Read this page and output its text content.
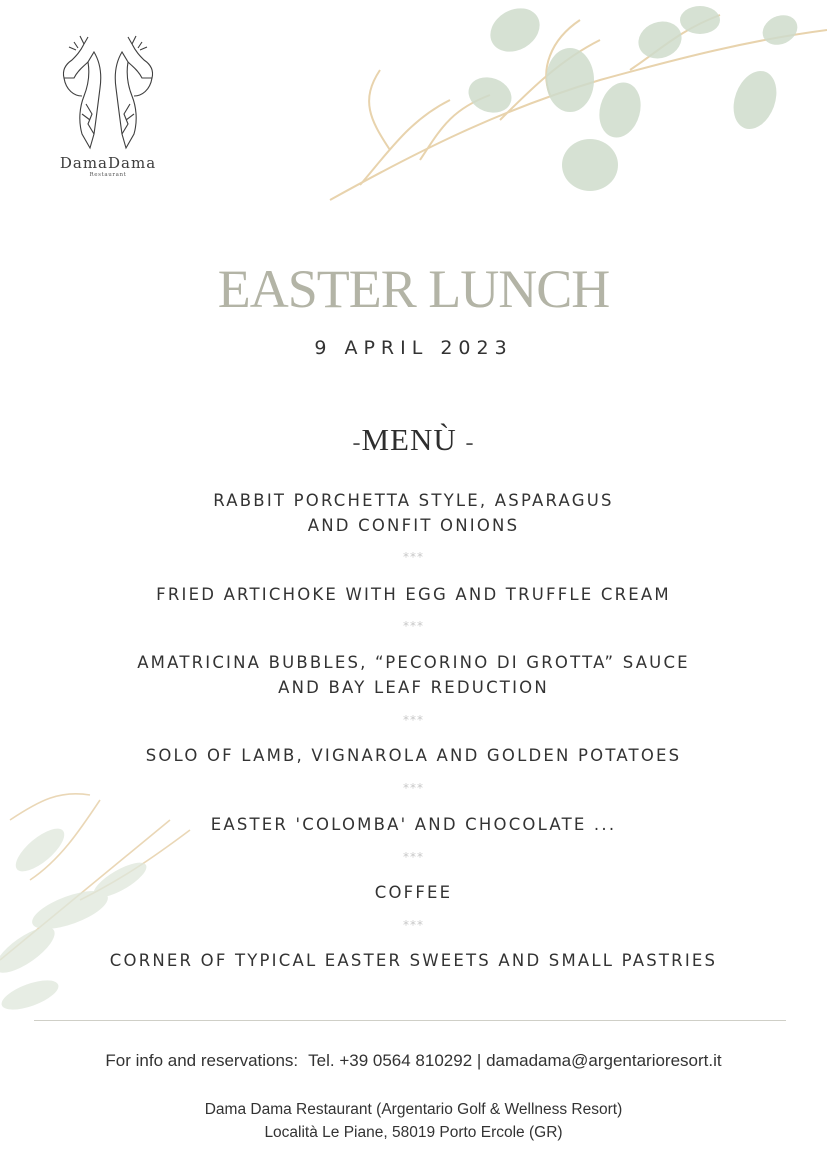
DamaDama
Restaurant
EASTER LUNCH
9 APRIL 2023
-MENÙ -
RABBIT PORCHETTA STYLE, ASPARAGUS
AND CONFIT ONIONS
***
FRIED ARTICHOKE WITH EGG AND TRUFFLE CREAM
***
AMATRICINA BUBBLES, “PECORINO DI GROTTA” SAUCE
AND BAY LEAF REDUCTION
***
SOLO OF LAMB, VIGNAROLA AND GOLDEN POTATOES
***
EASTER 'COLOMBA' AND CHOCOLATE ...
***
COFFEE
***
CORNER OF TYPICAL EASTER SWEETS AND SMALL PASTRIES
For info and reservations: Tel. +39 0564 810292 | damadama@argentarioresort.it
Dama Dama Restaurant (Argentario Golf & Wellness Resort)
Località Le Piane, 58019 Porto Ercole (GR)
